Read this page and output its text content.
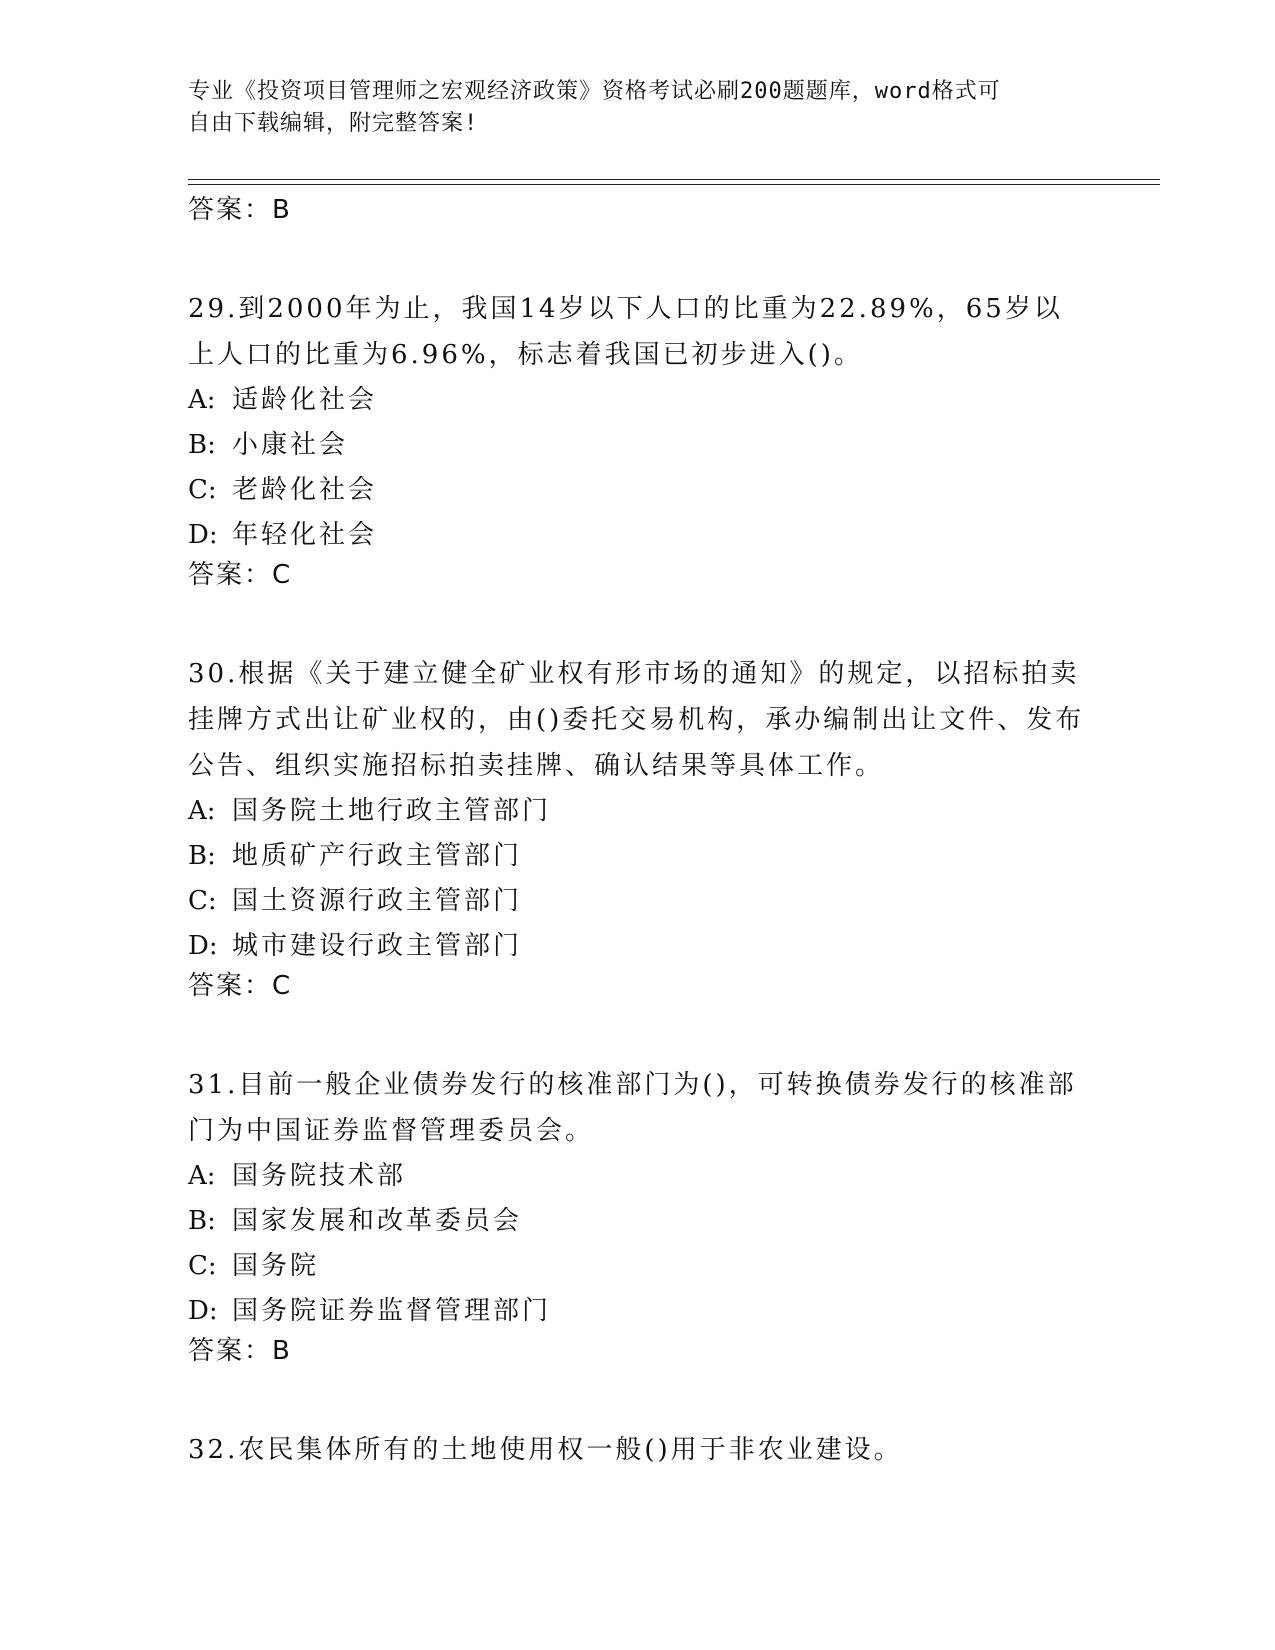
专业《投资项目管理师之宏观经济政策》资格考试必刷200题题库，word格式可
自由下载编辑，附完整答案!
答案：B
29.到2000年为止，我国14岁以下人口的比重为22.89%，65岁以上人口的比重为6.96%，标志着我国已初步进入()。
A: 适龄化社会
B: 小康社会
C: 老龄化社会
D: 年轻化社会
答案：C
30.根据《关于建立健全矿业权有形市场的通知》的规定，以招标拍卖挂牌方式出让矿业权的，由()委托交易机构，承办编制出让文件、发布公告、组织实施招标拍卖挂牌、确认结果等具体工作。
A: 国务院土地行政主管部门
B: 地质矿产行政主管部门
C: 国土资源行政主管部门
D: 城市建设行政主管部门
答案：C
31.目前一般企业债券发行的核准部门为()，可转换债券发行的核准部门为中国证券监督管理委员会。
A: 国务院技术部
B: 国家发展和改革委员会
C: 国务院
D: 国务院证券监督管理部门
答案：B
32.农民集体所有的土地使用权一般()用于非农业建设。
